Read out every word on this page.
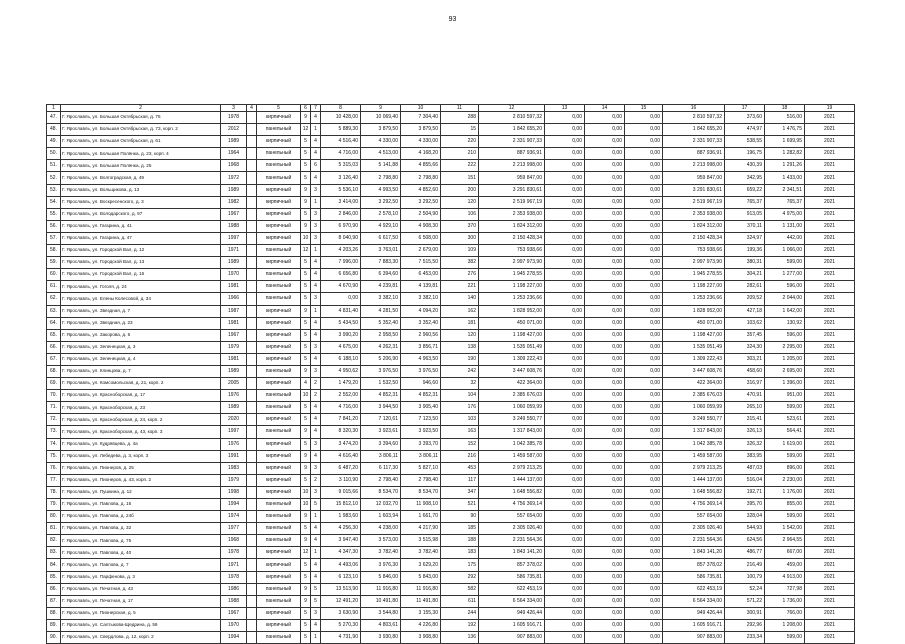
93
1	2	3	4	5	6	7	8	9	10	11	12	13	14	15	16	17	18	19
47.	Г. Ярославль, ул. Большая Октябрьская, д. 75	1978		кирпичный	9	4	10 428,00	10 069,40	7 304,40	288	2 810 597,32	0,00	0,00	0,00	2 810 597,32	373,60	516,00	2021
48.	Г. Ярославль, ул. Большая Октябрьская, д. 73, корп. 2	2012		панельный	12	1	5 889,30	3 879,50	3 879,50	15	1 842 655,20	0,00	0,00	0,00	1 842 655,20	474,97	1 476,75	2021
49.	Г. Ярославль, ул. Большая Октябрьская, д. 61	1989		кирпичный	5	4	4 516,40	4 330,00	4 330,00	220	2 331 907,33	0,00	0,00	0,00	2 331 907,33	538,55	1 699,95	2021
50.	Г. Ярославль, ул. Большая Полянка, д. 23, корп. 4	1964		панельный	5	4	4 716,00	4 513,00	4 168,20	210	887 936,91	0,00	0,00	0,00	887 936,91	196,75	1 282,82	2021
51.	Г. Ярославль, ул. Большая Полянка, д. 25	1968		панельный	5	6	5 315,03	5 141,88	4 855,66	222	2 213 998,00	0,00	0,00	0,00	2 213 998,00	430,39	1 291,26	2021
52.	Г. Ярославль, ул. Волгоградская, д. 49	1972		панельный	5	4	3 126,40	2 798,80	2 798,80	151	959 847,00	0,00	0,00	0,00	959 847,00	342,95	1 433,00	2021
53.	Г. Ярославль, ул. Вольщикова, д. 13	1989		кирпичный	9	3	5 536,10	4 993,50	4 852,60	200	3 291 830,61	0,00	0,00	0,00	3 291 830,61	659,22	2 341,51	2021
54.	Г. Ярославль, ул. Воскресенского, д. 3	1982		кирпичный	9	1	3 414,00	3 292,50	3 292,50	120	2 519 967,19	0,00	0,00	0,00	2 519 967,19	765,37	765,37	2021
55.	Г. Ярославль, ул. Володарского, д. 97	1967		кирпичный	5	3	2 846,00	2 578,10	2 504,90	106	2 353 938,00	0,00	0,00	0,00	2 353 938,00	913,05	4 975,00	2021
56.	Г. Ярославль, ул. Гагарина, д. 41	1988		кирпичный	9	3	6 970,90	4 929,10	4 908,30	370	1 824 312,00	0,00	0,00	0,00	1 824 312,00	370,11	1 131,00	2021
57.	Г. Ярославль, ул. Гагарина, д. 47	1997		кирпичный	10	3	8 040,90	6 617,50	6 508,00	300	2 150 428,34	0,00	0,00	0,00	2 150 428,34	324,97	442,00	2021
58.	Г. Ярославль, ул. Городской Вал, д. 12	1971		панельный	12	1	4 203,26	3 763,01	2 679,00	109	753 938,66	0,00	0,00	0,00	753 938,66	199,36	1 066,00	2021
59.	Г. Ярославль, ул. Городской Вал, д. 13	1989		кирпичный	5	4	7 996,00	7 883,30	7 515,50	382	2 997 973,90	0,00	0,00	0,00	2 997 973,90	380,31	599,00	2021
60.	Г. Ярославль, ул. Городской Вал, д. 16	1970		панельный	5	4	6 656,80	6 394,60	6 453,00	276	1 945 278,55	0,00	0,00	0,00	1 945 278,55	304,21	1 277,00	2021
61.	Г. Ярославль, ул. Гоголя, д. 24	1981		панельный	5	4	4 670,90	4 239,81	4 139,81	221	1 198 227,00	0,00	0,00	0,00	1 198 227,00	282,61	596,00	2021
62.	Г. Ярославль, ул. Елены Колесовой, д. 34	1966		панельный	5	3	0,00	3 382,10	3 382,10	140	1 253 236,66	0,00	0,00	0,00	1 253 236,66	209,52	2 044,00	2021
63.	Г. Ярославль, ул. Звездная, д. 7	1987		кирпичный	9	1	4 831,40	4 281,50	4 094,20	162	1 828 952,00	0,00	0,00	0,00	1 828 952,00	427,18	1 642,00	2021
64.	Г. Ярославль, ул. Звездная, д. 23	1981		кирпичный	5	4	5 434,50	5 352,40	3 352,40	181	450 071,00	0,00	0,00	0,00	450 071,00	103,62	130,92	2021
65.	Г. Ярославль, ул. Закорова, д. 6	1967		кирпичный	5	4	3 990,20	2 958,50	2 960,56	120	1 198 427,00	0,00	0,00	0,00	1 198 427,00	357,45	596,00	2021
66.	Г. Ярославль, ул. Зеленецкая, д. 3	1979		кирпичный	5	3	4 675,00	4 262,31	3 856,71	138	1 535 051,49	0,00	0,00	0,00	1 535 051,49	324,30	2 295,00	2021
67.	Г. Ярославль, ул. Зеленецкая, д. 4	1981		кирпичный	5	4	6 188,10	5 206,90	4 963,50	190	1 309 222,43	0,00	0,00	0,00	1 309 222,43	303,21	1 205,00	2021
68.	Г. Ярославль, ул. Клинцова, д. 7	1989		панельный	9	3	4 950,62	3 976,50	3 976,50	242	3 447 608,76	0,00	0,00	0,00	3 447 608,76	458,60	2 695,00	2021
69.	Г. Ярославль, ул. Комсомольская, д. 21, корп. 2	2005		кирпичный	4	2	1 479,20	1 532,50	946,60	32	422 364,00	0,00	0,00	0,00	422 364,00	316,97	1 396,00	2021
70.	Г. Ярославль, ул. Красноборская, д. 17	1976		панельный	10	2	2 552,00	4 852,31	4 852,31	104	2 385 676,03	0,00	0,00	0,00	2 385 676,03	470,91	951,00	2021
71.	Г. Ярославль, ул. Красноборская, д. 23	1989		панельный	5	4	4 716,00	3 944,50	3 905,40	176	1 060 059,99	0,00	0,00	0,00	1 060 059,99	265,10	599,00	2021
72.	Г. Ярославль, ул. Красноборская, д. 24, корп. 2	2020		кирпичный	5	4	7 841,20	7 120,61	7 123,50	103	3 249 550,77	0,00	0,00	0,00	3 249 550,77	315,41	523,61	2021
73.	Г. Ярославль, ул. Красноборская, д. 43, корп. 3	1997		панельный	9	4	8 320,30	3 923,61	3 923,50	163	1 317 843,00	0,00	0,00	0,00	1 317 843,00	326,13	564,41	2021
74.	Г. Ярославль, ул. Кудрявцева, д. 4а	1976		кирпичный	5	3	3 474,20	3 394,60	3 393,70	152	1 042 385,78	0,00	0,00	0,00	1 042 385,78	326,32	1 619,00	2021
75.	Г. Ярославль, ул. Лебедева, д. 3, корп. 3	1991		кирпичный	9	4	4 616,40	3 806,11	3 806,11	216	1 459 587,00	0,00	0,00	0,00	1 459 587,00	383,95	599,00	2021
76.	Г. Ярославль, ул. Пионеров, д. 25	1983		кирпичный	9	3	6 487,20	6 117,30	5 827,10	453	2 979 213,25	0,00	0,00	0,00	2 979 213,25	487,03	896,00	2021
77.	Г. Ярославль, ул. Пионеров, д. 43, корп. 2	1979		кирпичный	5	2	3 110,90	2 798,40	2 798,40	117	1 444 137,00	0,00	0,00	0,00	1 444 137,00	516,04	2 230,00	2021
78.	Г. Ярославль, ул. Пушкина, д. 12	1998		кирпичный	10	3	9 015,66	8 534,70	8 534,70	347	1 648 556,82	0,00	0,00	0,00	1 648 556,82	192,71	1 176,00	2021
79.	Г. Ярославль, ул. Павлова, д. 16	1994		панельный	10	5	15 812,10	12 032,70	11 908,10	521	4 756 369,14	0,00	0,00	0,00	4 756 369,14	395,70	855,00	2021
80.	Г. Ярославль, ул. Павлова, д. 24б	1974		панельный	9	1	1 983,60	1 603,94	1 661,70	90	557 654,00	0,00	0,00	0,00	557 654,00	328,04	599,00	2021
81.	Г. Ярославль, ул. Павлова, д. 32	1977		панельный	5	4	4 256,30	4 238,00	4 217,90	185	2 305 026,40	0,00	0,00	0,00	2 305 026,40	544,93	1 542,00	2021
82.	Г. Ярославль, ул. Павлова, д. 75	1968		панельный	9	4	3 947,40	3 573,00	3 515,98	188	2 231 564,36	0,00	0,00	0,00	2 231 564,36	624,56	2 964,55	2021
83.	Г. Ярославль, ул. Павлова, д. 40	1978		кирпичный	12	1	4 347,30	3 782,40	3 782,40	183	1 843 141,20	0,00	0,00	0,00	1 843 141,20	486,77	667,00	2021
84.	Г. Ярославль, ул. Павлова, д. 7	1971		кирпичный	5	4	4 493,06	3 976,30	3 629,20	175	857 378,02	0,00	0,00	0,00	857 378,02	216,49	459,00	2021
85.	Г. Ярославль, ул. Парфенова, д. 3	1978		кирпичный	5	4	6 123,10	5 846,00	5 843,00	292	586 735,81	0,00	0,00	0,00	586 735,81	100,79	4 913,00	2021
86.	Г. Ярославль, ул. Печатная, д. 43	1986		панельный	9	5	13 513,90	11 916,80	11 916,80	582	622 453,19	0,00	0,00	0,00	622 453,19	52,24	727,98	2021
87.	Г. Ярославль, ул. Печатная, д. 17	1988		панельный	9	5	12 491,20	10 491,80	11 491,80	611	6 564 334,00	0,00	0,00	0,00	6 564 334,00	571,22	1 736,00	2021
88.	Г. Ярославль, ул. Пионерская, д. 5	1967		кирпичный	5	3	3 630,90	3 544,80	3 155,30	244	949 426,44	0,00	0,00	0,00	949 426,44	300,91	766,00	2021
89.	Г. Ярославль, ул. Салтыкова-Щедрина, д. 59	1970		кирпичный	5	4	5 270,30	4 803,61	4 226,80	192	1 605 916,71	0,00	0,00	0,00	1 605 916,71	292,96	1 208,00	2021
90.	Г. Ярославль, ул. Свердлова, д. 12, корп. 2	1994		панельный	5	1	4 731,90	3 930,80	3 908,80	136	907 883,00	0,00	0,00	0,00	907 883,00	233,34	599,00	2021
